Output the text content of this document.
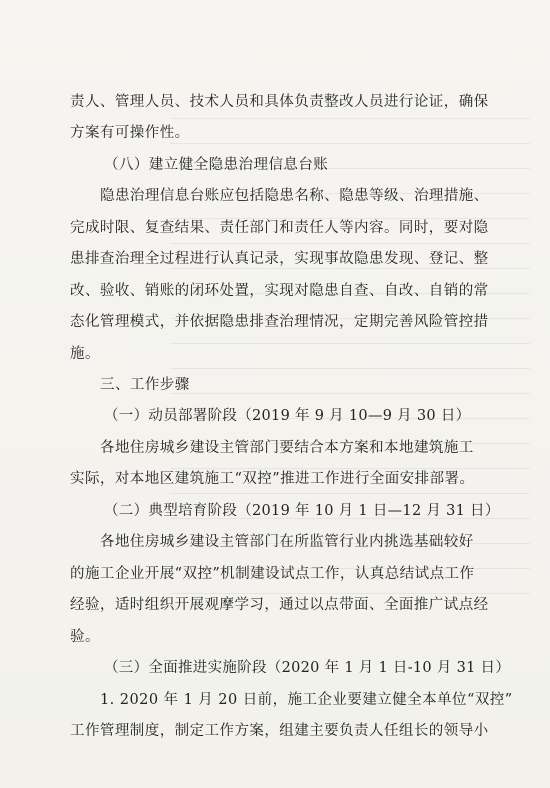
责人、管理人员、技术人员和具体负责整改人员进行论证，确保
方案有可操作性。
（八）建立健全隐患治理信息台账
隐患治理信息台账应包括隐患名称、隐患等级、治理措施、
完成时限、复查结果、责任部门和责任人等内容。同时，要对隐
患排查治理全过程进行认真记录，实现事故隐患发现、登记、整
改、验收、销账的闭环处置，实现对隐患自查、自改、自销的常
态化管理模式，并依据隐患排查治理情况，定期完善风险管控措
施。
三、工作步骤
（一）动员部署阶段（2019 年 9 月 10—9 月 30 日）
各地住房城乡建设主管部门要结合本方案和本地建筑施工
实际，对本地区建筑施工“双控”推进工作进行全面安排部署。
（二）典型培育阶段（2019 年 10 月 1 日—12 月 31 日）
各地住房城乡建设主管部门在所监管行业内挑选基础较好
的施工企业开展“双控”机制建设试点工作，认真总结试点工作
经验，适时组织开展观摩学习，通过以点带面、全面推广试点经
验。
（三）全面推进实施阶段（2020 年 1 月 1 日-10 月 31 日）
1. 2020 年 1 月 20 日前，施工企业要建立健全本单位“双控”
工作管理制度，制定工作方案，组建主要负责人任组长的领导小
